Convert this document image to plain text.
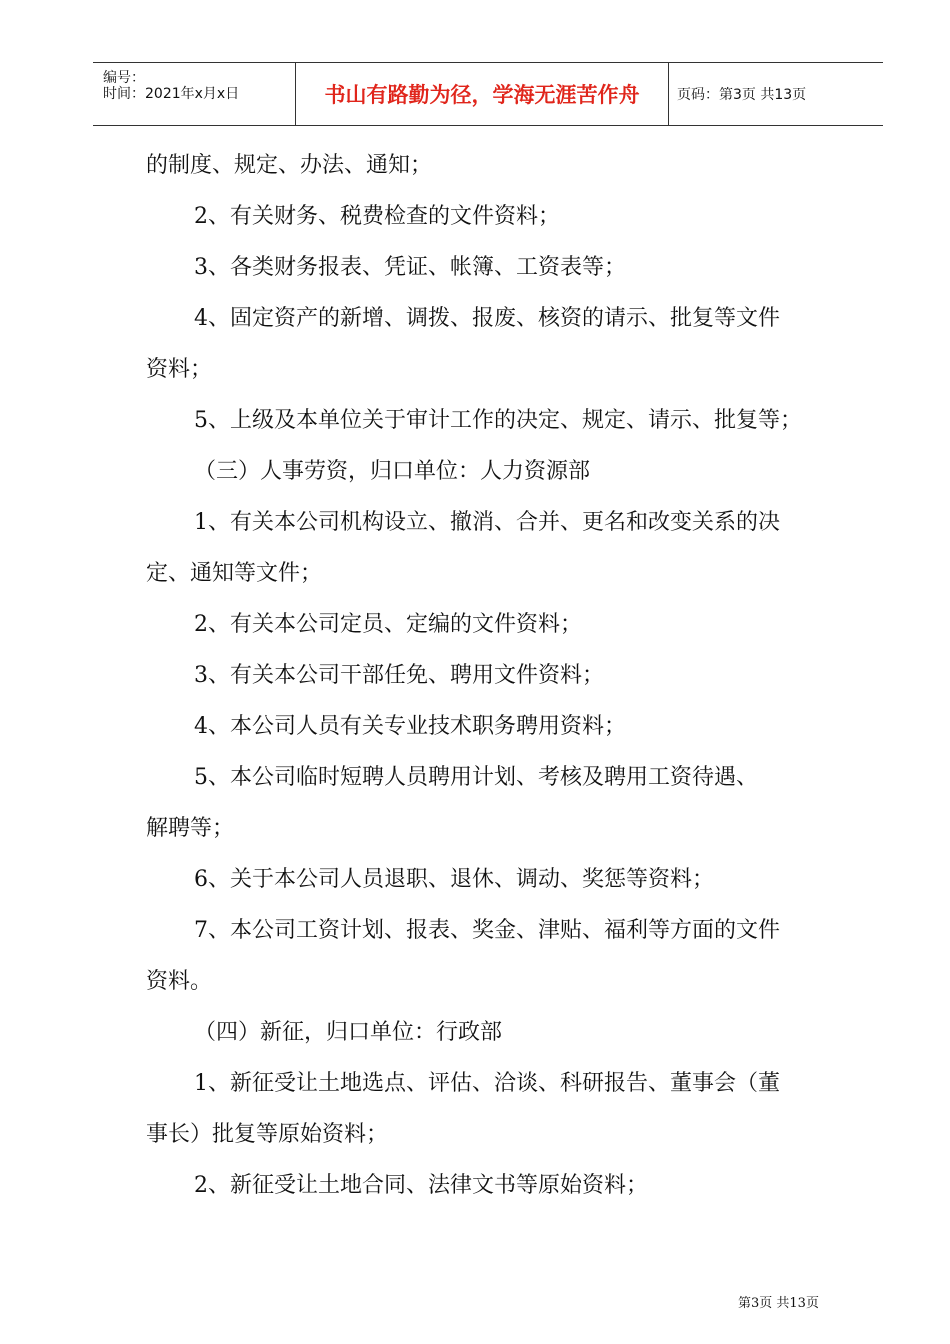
编号：
时间：2021年x月x日	书山有路勤为径，学海无涯苦作舟	页码：第3页 共13页

的制度、规定、办法、通知；

2、有关财务、税费检查的文件资料；

3、各类财务报表、凭证、帐簿、工资表等；

4、固定资产的新增、调拨、报废、核资的请示、批复等文件

资料；

5、上级及本单位关于审计工作的决定、规定、请示、批复等；

（三）人事劳资，归口单位：人力资源部

1、有关本公司机构设立、撤消、合并、更名和改变关系的决

定、通知等文件；

2、有关本公司定员、定编的文件资料；

3、有关本公司干部任免、聘用文件资料；

4、本公司人员有关专业技术职务聘用资料；

5、本公司临时短聘人员聘用计划、考核及聘用工资待遇、

解聘等；

6、关于本公司人员退职、退休、调动、奖惩等资料；

7、本公司工资计划、报表、奖金、津贴、福利等方面的文件

资料。

（四）新征，归口单位：行政部

1、新征受让土地选点、评估、洽谈、科研报告、董事会（董

事长）批复等原始资料；

2、新征受让土地合同、法律文书等原始资料；

第3页 共13页
